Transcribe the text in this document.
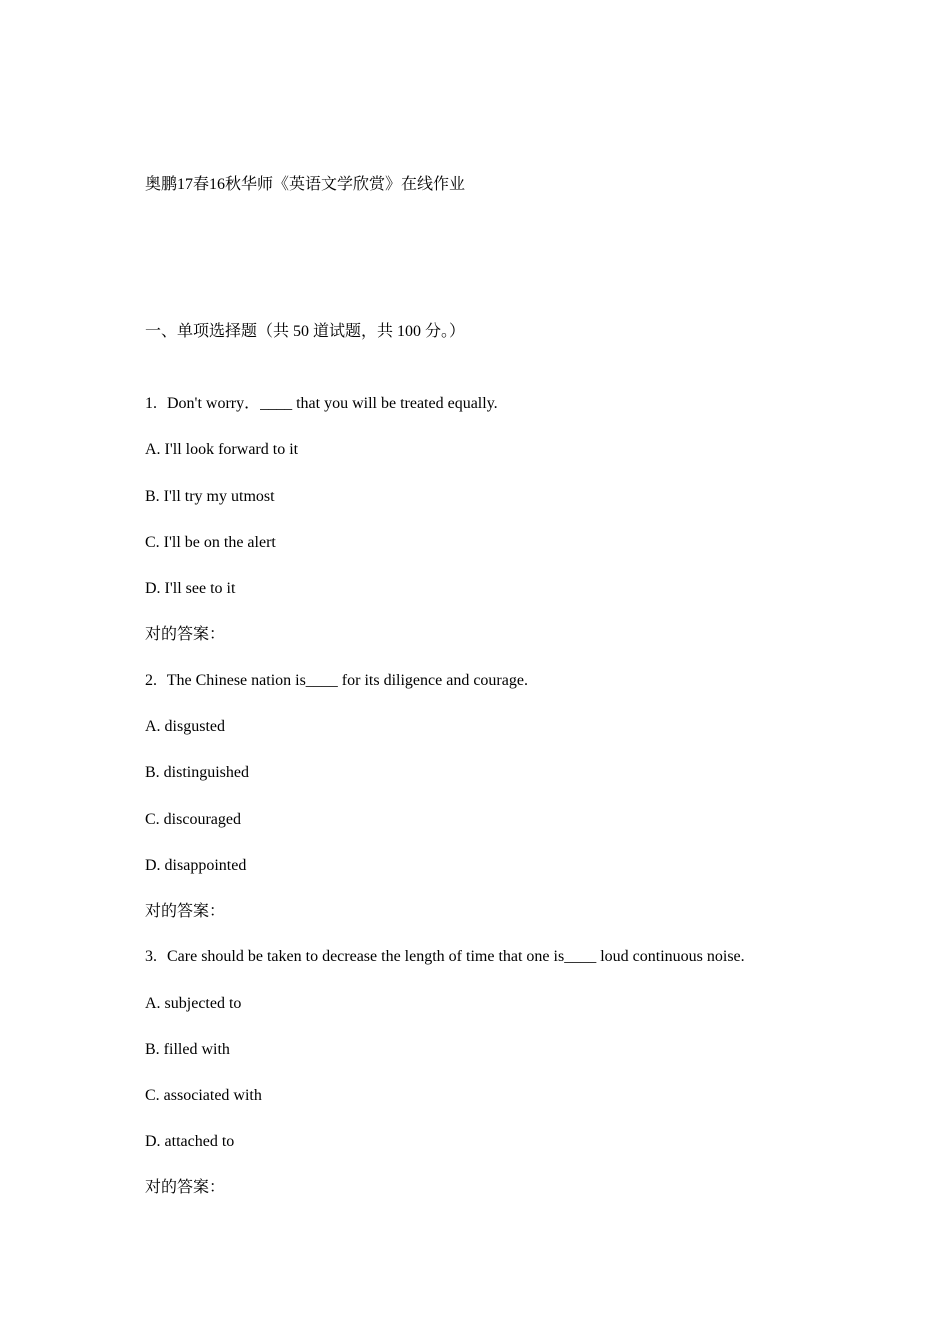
奥鹏17春16秋华师《英语文学欣赏》在线作业
一、单项选择题（共 50 道试题，共 100 分。）
1. Don't worry．____ that you will be treated equally.
A. I'll look forward to it
B. I'll try my utmost
C. I'll be on the alert
D. I'll see to it
对的答案：
2. The Chinese nation is____ for its diligence and courage.
A. disgusted
B. distinguished
C. discouraged
D. disappointed
对的答案：
3. Care should be taken to decrease the length of time that one is____ loud continuous noise.
A. subjected to
B. filled with
C. associated with
D. attached to
对的答案：
